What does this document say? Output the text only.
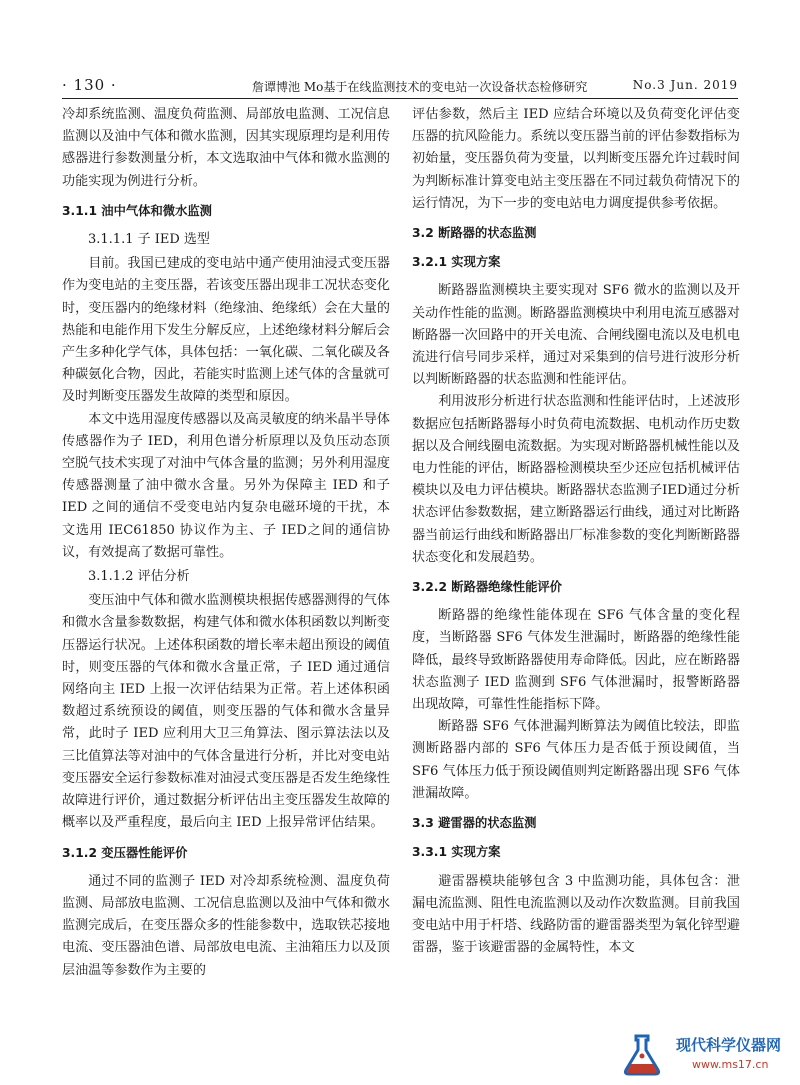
· 130 ·	詹谭博池 Mo基于在线监测技术的变电站一次设备状态检修研究	No.3 Jun. 2019

冷却系统监测、温度负荷监测、局部放电监测、工况信息监测以及油中气体和微水监测，因其实现原理均是利用传感器进行参数测量分析，本文选取油中气体和微水监测的功能实现为例进行分析。

3.1.1 油中气体和微水监测
3.1.1.1 子 IED 选型

目前。我国已建成的变电站中通产使用油浸式变压器作为变电站的主变压器，若该变压器出现非工况状态变化时，变压器内的绝缘材料（绝缘油、绝缘纸）会在大量的热能和电能作用下发生分解反应，上述绝缘材料分解后会产生多种化学气体，具体包括：一氧化碳、二氧化碳及各种碳氨化合物，因此，若能实时监测上述气体的含量就可及时判断变压器发生故障的类型和原因。

本文中选用湿度传感器以及高灵敏度的纳米晶半导体传感器作为子 IED，利用色谱分析原理以及负压动态顶空脱气技术实现了对油中气体含量的监测；另外利用湿度传感器测量了油中微水含量。另外为保障主 IED 和子 IED 之间的通信不受变电站内复杂电磁环境的干扰，本文选用 IEC61850 协议作为主、子 IED之间的通信协议，有效提高了数据可靠性。

3.1.1.2 评估分析

变压油中气体和微水监测模块根据传感器测得的气体和微水含量参数数据，构建气体和微水体积函数以判断变压器运行状况。上述体积函数的增长率未超出预设的阈值时，则变压器的气体和微水含量正常，子 IED 通过通信网络向主 IED 上报一次评估结果为正常。若上述体积函数超过系统预设的阈值，则变压器的气体和微水含量异常，此时子 IED 应利用大卫三角算法、图示算法法以及三比值算法等对油中的气体含量进行分析，并比对变电站变压器安全运行参数标准对油浸式变压器是否发生绝缘性故障进行评价，通过数据分析评估出主变压器发生故障的概率以及严重程度，最后向主 IED 上报异常评估结果。

3.1.2 变压器性能评价

通过不同的监测子 IED 对冷却系统检测、温度负荷监测、局部放电监测、工况信息监测以及油中气体和微水监测完成后，在变压器众多的性能参数中，选取铁芯接地电流、变压器油色谱、局部放电电流、主油箱压力以及顶层油温等参数作为主要的

评估参数，然后主 IED 应结合环境以及负荷变化评估变压器的抗风险能力。系统以变压器当前的评估参数指标为初始量，变压器负荷为变量，以判断变压器允许过载时间为判断标准计算变电站主变压器在不同过载负荷情况下的运行情况，为下一步的变电站电力调度提供参考依据。

3.2 断路器的状态监测
3.2.1 实现方案

断路器监测模块主要实现对 SF6 微水的监测以及开关动作性能的监测。断路器监测模块中利用电流互感器对断路器一次回路中的开关电流、合闸线圈电流以及电机电流进行信号同步采样，通过对采集到的信号进行波形分析以判断断路器的状态监测和性能评估。

利用波形分析进行状态监测和性能评估时，上述波形数据应包括断路器每小时负荷电流数据、电机动作历史数据以及合闸线圈电流数据。为实现对断路器机械性能以及电力性能的评估，断路器检测模块至少还应包括机械评估模块以及电力评估模块。断路器状态监测子IED通过分析状态评估参数数据，建立断路器运行曲线，通过对比断路器当前运行曲线和断路器出厂标准参数的变化判断断路器状态变化和发展趋势。

3.2.2 断路器绝缘性能评价

断路器的绝缘性能体现在 SF6 气体含量的变化程度，当断路器 SF6 气体发生泄漏时，断路器的绝缘性能降低，最终导致断路器使用寿命降低。因此，应在断路器状态监测子 IED 监测到 SF6 气体泄漏时，报警断路器出现故障，可靠性性能指标下降。

断路器 SF6 气体泄漏判断算法为阈值比较法，即监测断路器内部的 SF6 气体压力是否低于预设阈值，当 SF6 气体压力低于预设阈值则判定断路器出现 SF6 气体泄漏故障。

3.3 避雷器的状态监测
3.3.1 实现方案

避雷器模块能够包含 3 中监测功能，具体包含：泄漏电流监测、阻性电流监测以及动作次数监测。目前我国变电站中用于杆塔、线路防雷的避雷器类型为氧化锌型避雷器，鉴于该避雷器的金属特性，本文

现代科学仪器网
www.ms17.cn
